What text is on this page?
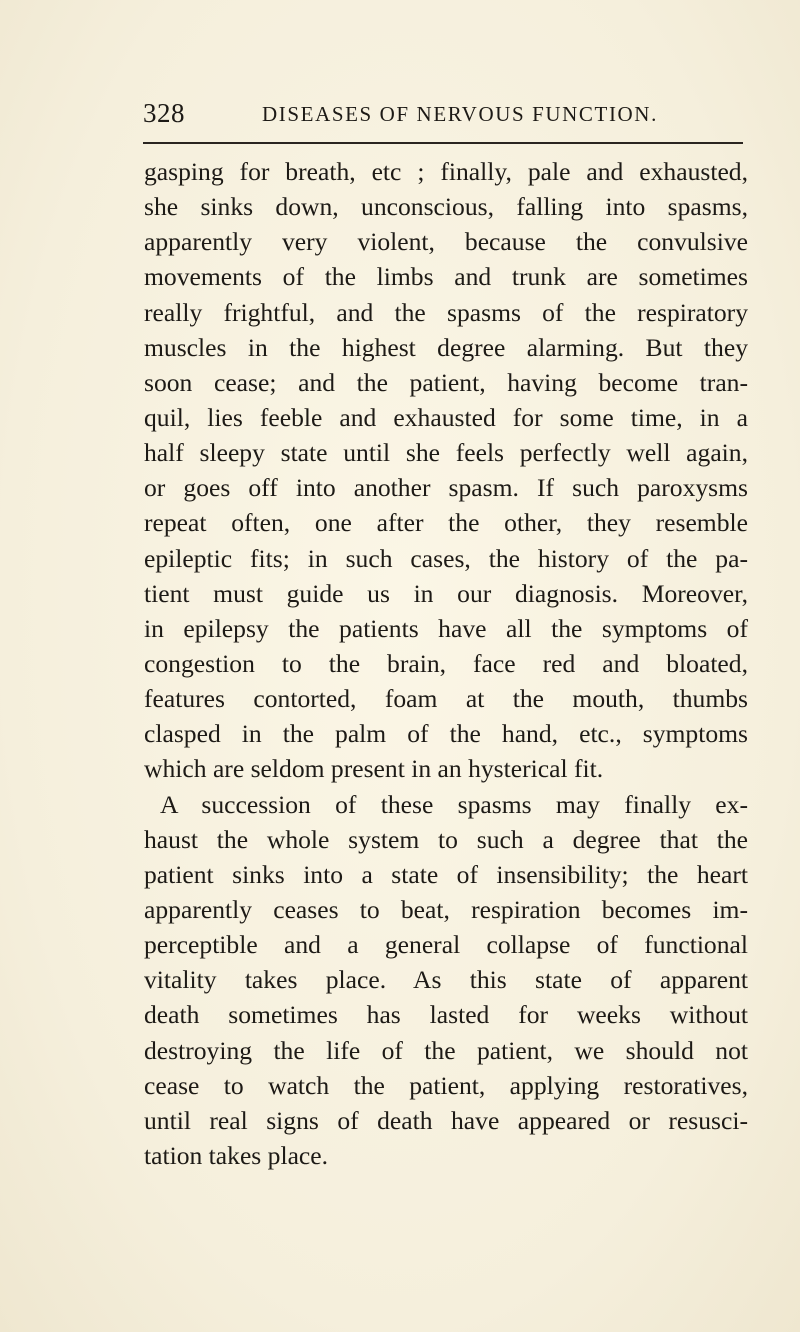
328	DISEASES OF NERVOUS FUNCTION.
gasping for breath, etc ; finally, pale and exhausted,
she sinks down, unconscious, falling into spasms,
apparently very violent, because the convulsive
movements of the limbs and trunk are sometimes
really frightful, and the spasms of the respiratory
muscles in the highest degree alarming. But they
soon cease; and the patient, having become tran-
quil, lies feeble and exhausted for some time, in a
half sleepy state until she feels perfectly well again,
or goes off into another spasm. If such paroxysms
repeat often, one after the other, they resemble
epileptic fits; in such cases, the history of the pa-
tient must guide us in our diagnosis. Moreover,
in epilepsy the patients have all the symptoms of
congestion to the brain, face red and bloated,
features contorted, foam at the mouth, thumbs
clasped in the palm of the hand, etc., symptoms
which are seldom present in an hysterical fit.
A succession of these spasms may finally ex-
haust the whole system to such a degree that the
patient sinks into a state of insensibility; the heart
apparently ceases to beat, respiration becomes im-
perceptible and a general collapse of functional
vitality takes place. As this state of apparent
death sometimes has lasted for weeks without
destroying the life of the patient, we should not
cease to watch the patient, applying restoratives,
until real signs of death have appeared or resusci-
tation takes place.
